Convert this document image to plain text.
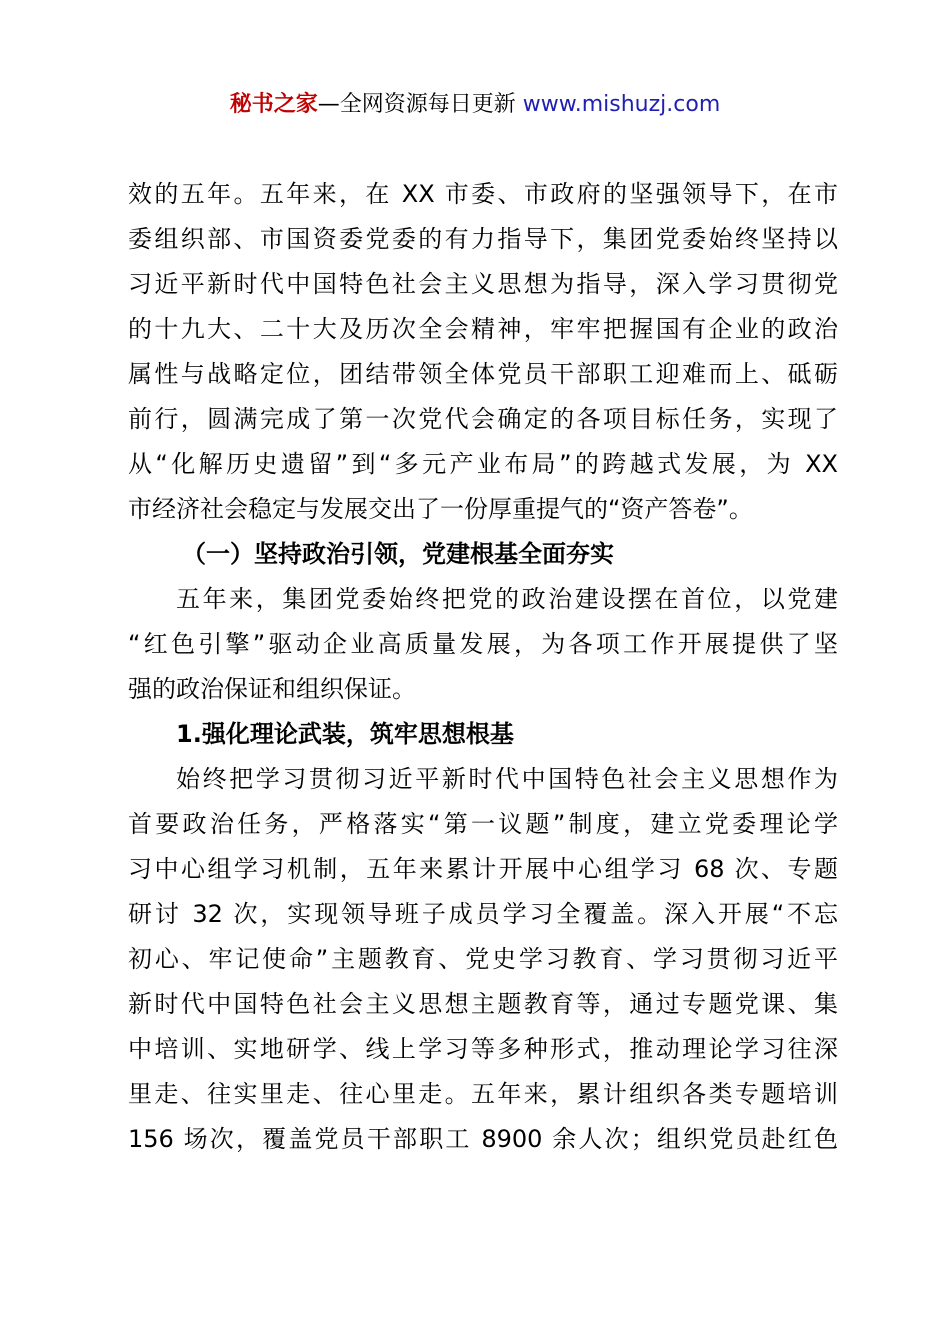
秘书之家—全网资源每日更新 www.mishuzj.com
效的五年。五年来，在 XX 市委、市政府的坚强领导下，在市
委组织部、市国资委党委的有力指导下，集团党委始终坚持以
习近平新时代中国特色社会主义思想为指导，深入学习贯彻党
的十九大、二十大及历次全会精神，牢牢把握国有企业的政治
属性与战略定位，团结带领全体党员干部职工迎难而上、砥砺
前行，圆满完成了第一次党代会确定的各项目标任务，实现了
从“化解历史遗留”到“多元产业布局”的跨越式发展，为 XX
市经济社会稳定与发展交出了一份厚重提气的“资产答卷”。
（一）坚持政治引领，党建根基全面夯实
五年来，集团党委始终把党的政治建设摆在首位，以党建
“红色引擎”驱动企业高质量发展，为各项工作开展提供了坚
强的政治保证和组织保证。
1.强化理论武装，筑牢思想根基
始终把学习贯彻习近平新时代中国特色社会主义思想作为
首要政治任务，严格落实“第一议题”制度，建立党委理论学
习中心组学习机制，五年来累计开展中心组学习 68 次、专题
研讨 32 次，实现领导班子成员学习全覆盖。深入开展“不忘
初心、牢记使命”主题教育、党史学习教育、学习贯彻习近平
新时代中国特色社会主义思想主题教育等，通过专题党课、集
中培训、实地研学、线上学习等多种形式，推动理论学习往深
里走、往实里走、往心里走。五年来，累计组织各类专题培训
156 场次，覆盖党员干部职工 8900 余人次；组织党员赴红色
